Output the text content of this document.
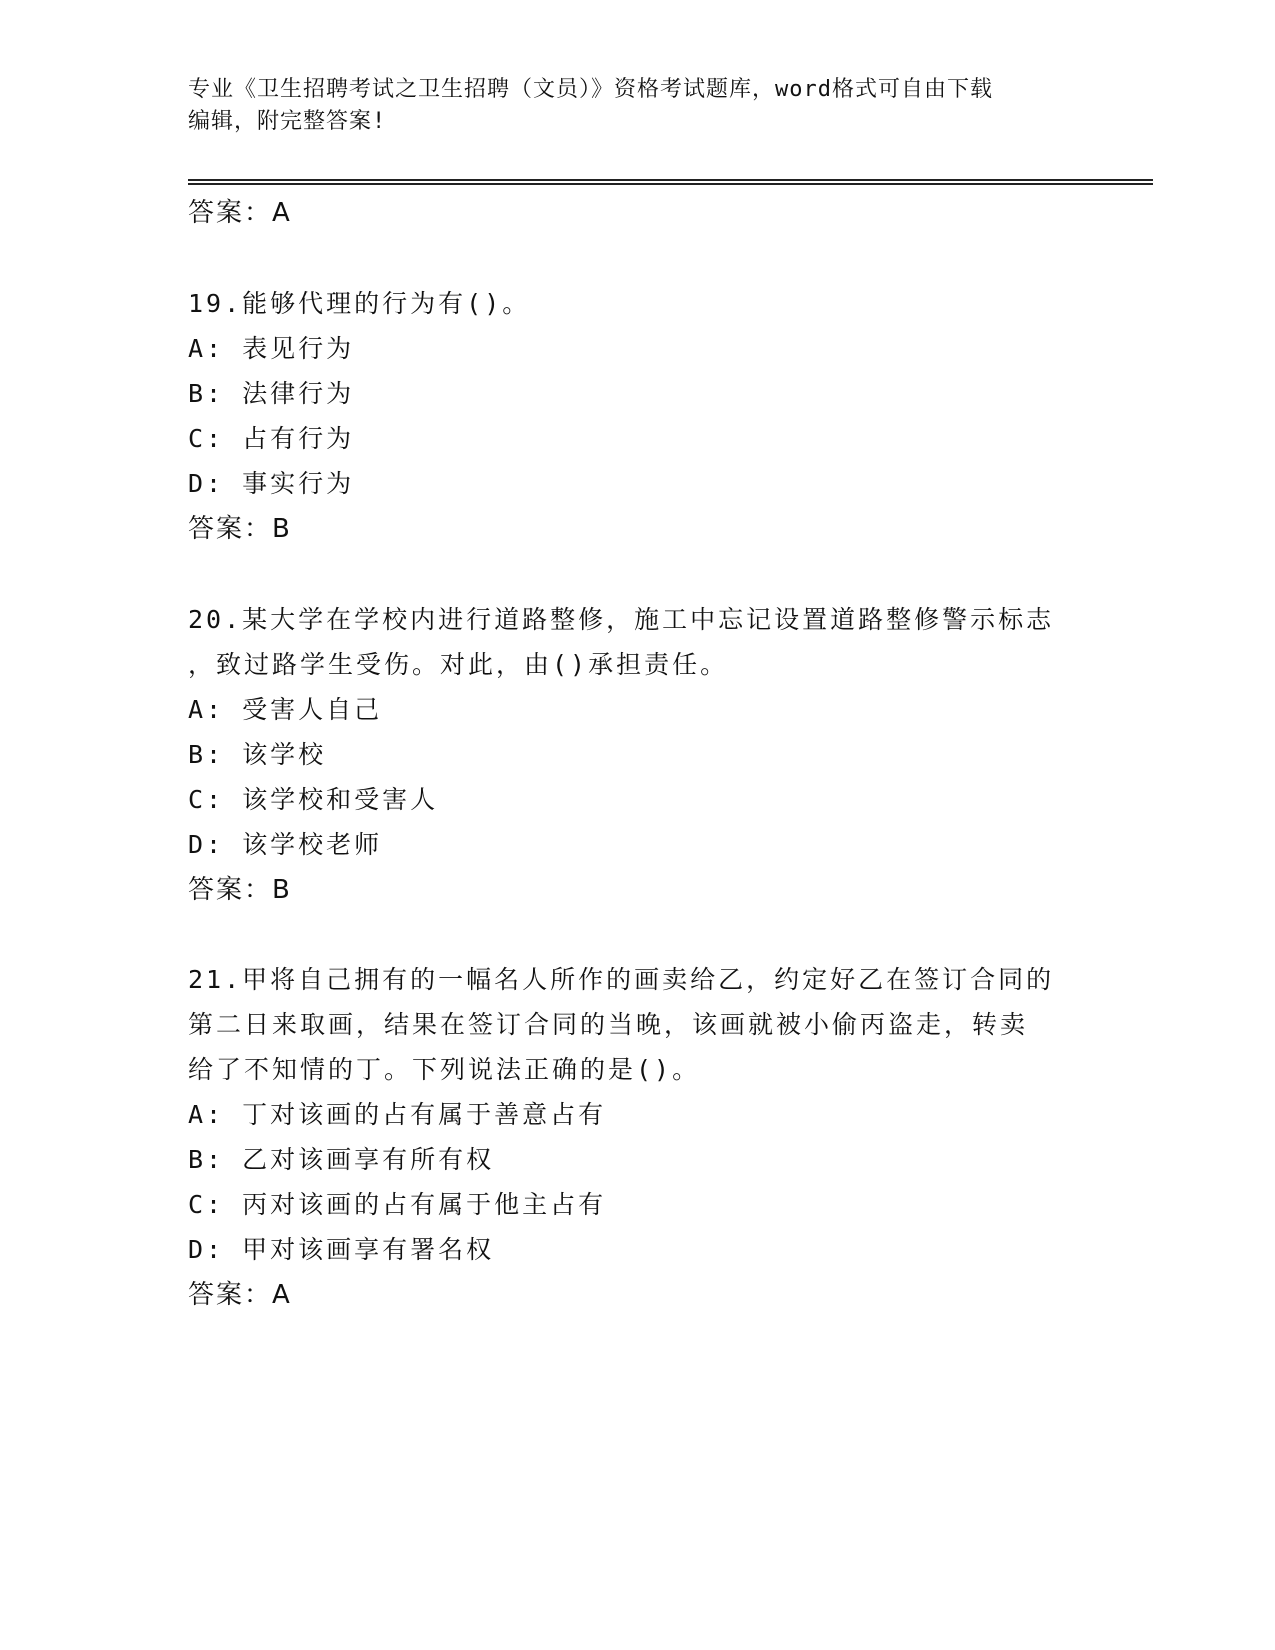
专业《卫生招聘考试之卫生招聘（文员）》资格考试题库，word格式可自由下载
编辑，附完整答案!
答案：A
19.能够代理的行为有()。
A: 表见行为
B: 法律行为
C: 占有行为
D: 事实行为
答案：B
20.某大学在学校内进行道路整修，施工中忘记设置道路整修警示标志
，致过路学生受伤。对此，由()承担责任。
A: 受害人自己
B: 该学校
C: 该学校和受害人
D: 该学校老师
答案：B
21.甲将自己拥有的一幅名人所作的画卖给乙，约定好乙在签订合同的
第二日来取画，结果在签订合同的当晚，该画就被小偷丙盗走，转卖
给了不知情的丁。下列说法正确的是()。
A: 丁对该画的占有属于善意占有
B: 乙对该画享有所有权
C: 丙对该画的占有属于他主占有
D: 甲对该画享有署名权
答案：A
